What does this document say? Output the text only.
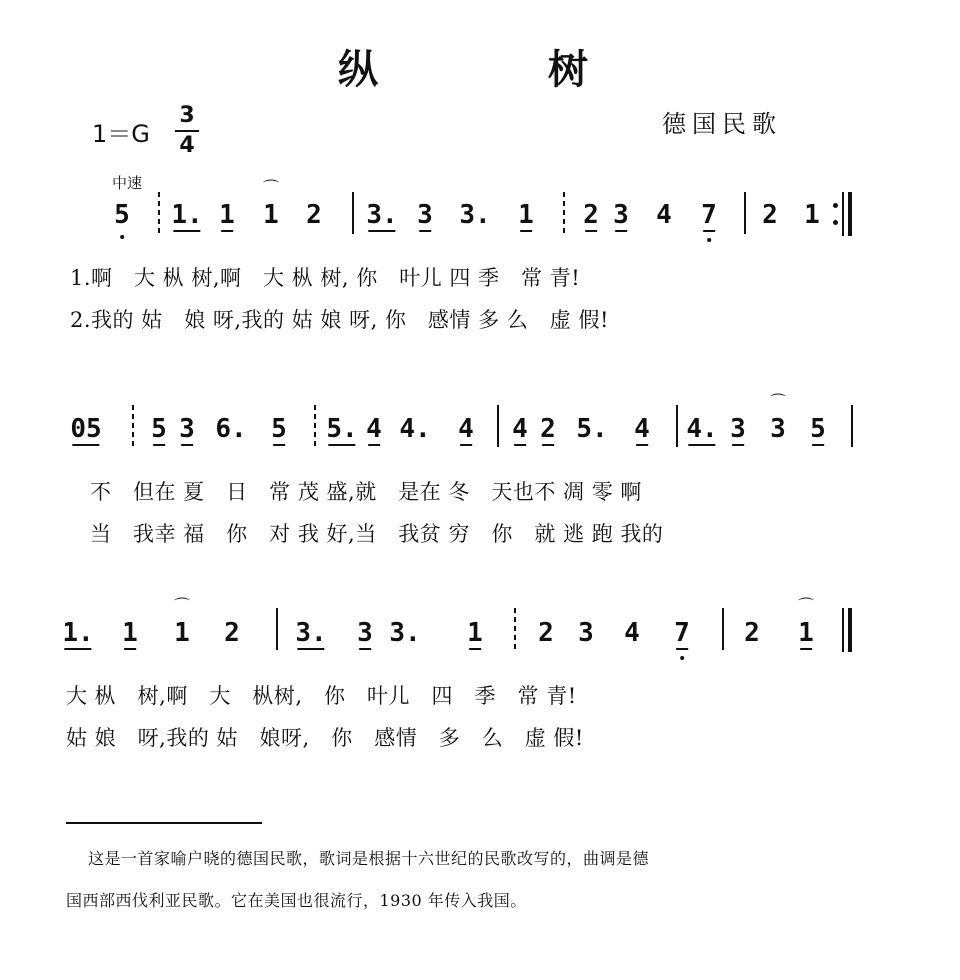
纵　　　　树
1＝G
3
4
德国民歌
中速
5 1. 1 1 2 3. 3 3. 1 2 3 4 7 2 1
⌒
1.啊　大 枞 树,啊　大 枞 树, 你　叶儿 四 季　常 青!
2.我的 姑　娘 呀,我的 姑 娘 呀, 你　感情 多 么　虚 假!
05 5 3 6. 5 5. 4 4. 4 4 2 5. 4 4. 3 3 5
⌒
不　但在 夏　日　常 茂 盛,就　是在 冬　天也不 凋 零 啊
当　我幸 福　你　对 我 好,当　我贫 穷　你　就 逃 跑 我的
1. 1 1 2 3. 3 3. 1 2 3 4 7 2 1
⌒	⌒
大 枞　树,啊　大　枞树,　你　叶儿　四　季　常 青!
姑 娘　呀,我的 姑　娘呀,　你　感情　多　么　虚 假!
这是一首家喻户晓的德国民歌，歌词是根据十六世纪的民歌改写的，曲调是德
国西部西伐利亚民歌。它在美国也很流行，1930 年传入我国。
